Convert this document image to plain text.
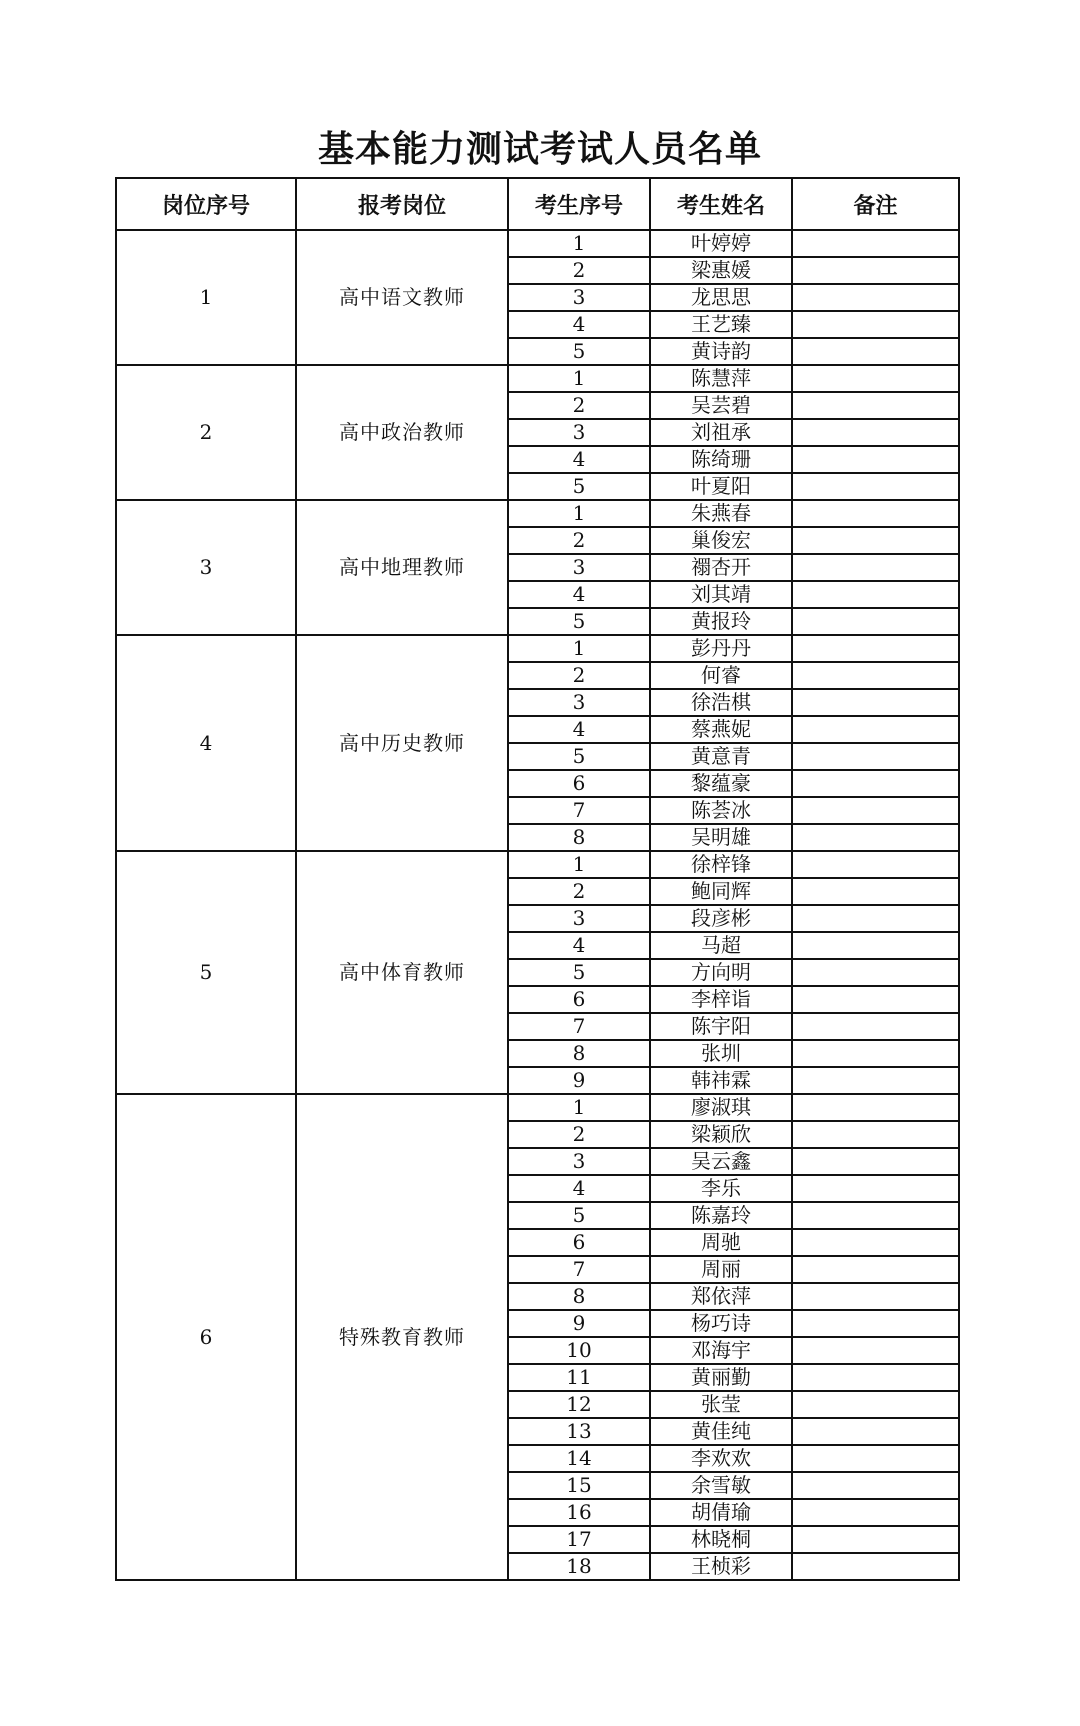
基本能力测试考试人员名单
岗位序号	报考岗位	考生序号	考生姓名	备注
1	高中语文教师	1	叶婷婷	
		2	梁惠媛	
		3	龙思思	
		4	王艺臻	
		5	黄诗韵	
2	高中政治教师	1	陈慧萍	
		2	吴芸碧	
		3	刘祖承	
		4	陈绮珊	
		5	叶夏阳	
3	高中地理教师	1	朱燕春	
		2	巢俊宏	
		3	禤杏开	
		4	刘其靖	
		5	黄报玲	
4	高中历史教师	1	彭丹丹	
		2	何睿	
		3	徐浩棋	
		4	蔡燕妮	
		5	黄意青	
		6	黎蕴豪	
		7	陈荟冰	
		8	吴明雄	
5	高中体育教师	1	徐梓锋	
		2	鲍同辉	
		3	段彦彬	
		4	马超	
		5	方向明	
		6	李梓诣	
		7	陈宇阳	
		8	张圳	
		9	韩祎霖	
6	特殊教育教师	1	廖淑琪	
		2	梁颖欣	
		3	吴云鑫	
		4	李乐	
		5	陈嘉玲	
		6	周驰	
		7	周丽	
		8	郑依萍	
		9	杨巧诗	
		10	邓海宇	
		11	黄丽勤	
		12	张莹	
		13	黄佳纯	
		14	李欢欢	
		15	余雪敏	
		16	胡倩瑜	
		17	林晓桐	
		18	王桢彩	
